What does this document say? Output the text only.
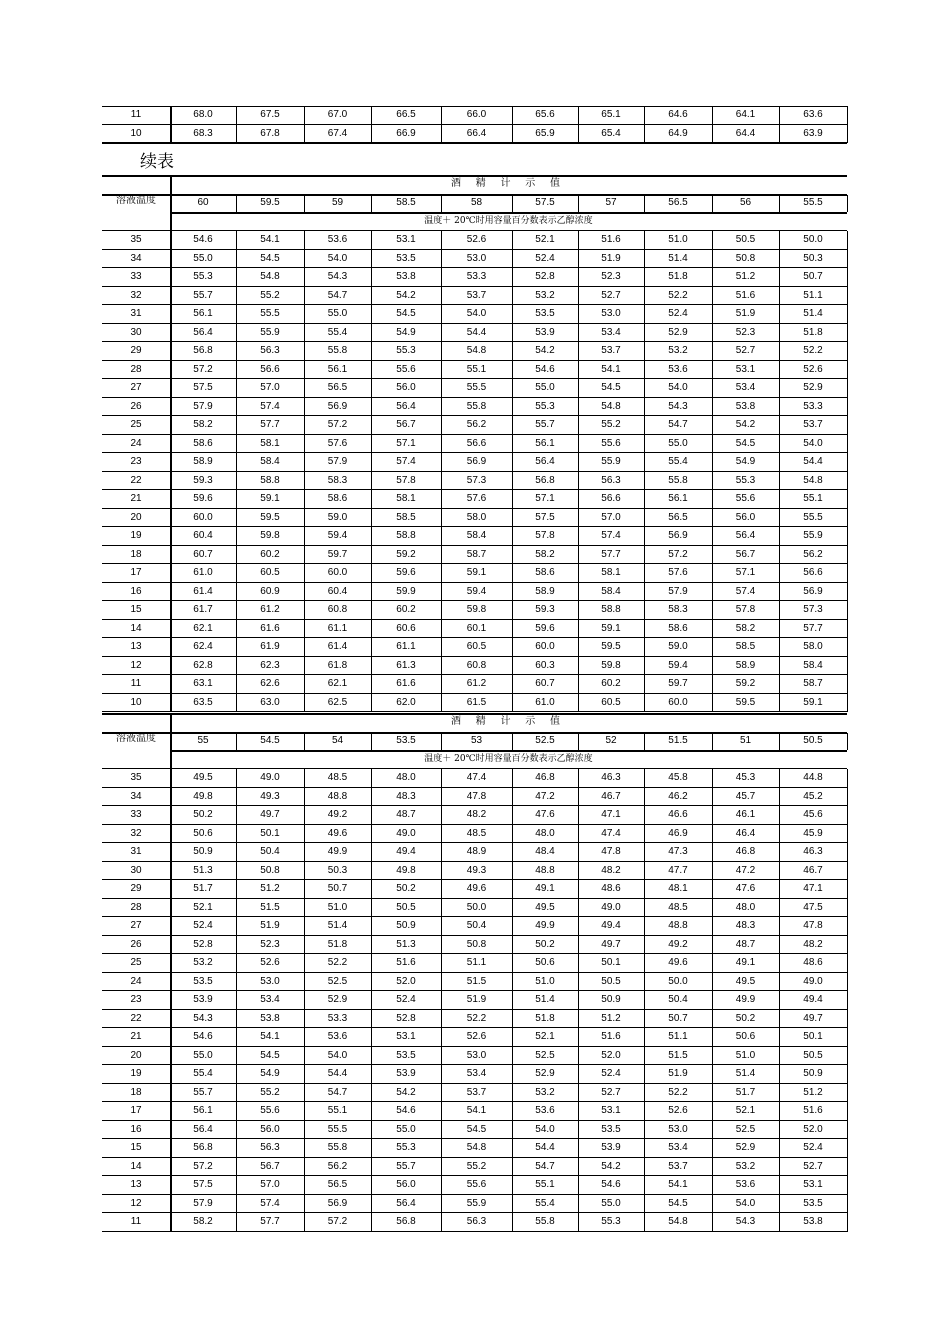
11	68.0	67.5	67.0	66.5	66.0	65.6	65.1	64.6	64.1	63.6
10	68.3	67.8	67.4	66.9	66.4	65.9	65.4	64.9	64.4	63.9
续表
酒 精 计 示 值
溶液温度	60	59.5	59	58.5	58	57.5	57	56.5	56	55.5
温度＋ 20℃时用容量百分数表示乙醇浓度
35	54.6	54.1	53.6	53.1	52.6	52.1	51.6	51.0	50.5	50.0
34	55.0	54.5	54.0	53.5	53.0	52.4	51.9	51.4	50.8	50.3
33	55.3	54.8	54.3	53.8	53.3	52.8	52.3	51.8	51.2	50.7
32	55.7	55.2	54.7	54.2	53.7	53.2	52.7	52.2	51.6	51.1
31	56.1	55.5	55.0	54.5	54.0	53.5	53.0	52.4	51.9	51.4
30	56.4	55.9	55.4	54.9	54.4	53.9	53.4	52.9	52.3	51.8
29	56.8	56.3	55.8	55.3	54.8	54.2	53.7	53.2	52.7	52.2
28	57.2	56.6	56.1	55.6	55.1	54.6	54.1	53.6	53.1	52.6
27	57.5	57.0	56.5	56.0	55.5	55.0	54.5	54.0	53.4	52.9
26	57.9	57.4	56.9	56.4	55.8	55.3	54.8	54.3	53.8	53.3
25	58.2	57.7	57.2	56.7	56.2	55.7	55.2	54.7	54.2	53.7
24	58.6	58.1	57.6	57.1	56.6	56.1	55.6	55.0	54.5	54.0
23	58.9	58.4	57.9	57.4	56.9	56.4	55.9	55.4	54.9	54.4
22	59.3	58.8	58.3	57.8	57.3	56.8	56.3	55.8	55.3	54.8
21	59.6	59.1	58.6	58.1	57.6	57.1	56.6	56.1	55.6	55.1
20	60.0	59.5	59.0	58.5	58.0	57.5	57.0	56.5	56.0	55.5
19	60.4	59.8	59.4	58.8	58.4	57.8	57.4	56.9	56.4	55.9
18	60.7	60.2	59.7	59.2	58.7	58.2	57.7	57.2	56.7	56.2
17	61.0	60.5	60.0	59.6	59.1	58.6	58.1	57.6	57.1	56.6
16	61.4	60.9	60.4	59.9	59.4	58.9	58.4	57.9	57.4	56.9
15	61.7	61.2	60.8	60.2	59.8	59.3	58.8	58.3	57.8	57.3
14	62.1	61.6	61.1	60.6	60.1	59.6	59.1	58.6	58.2	57.7
13	62.4	61.9	61.4	61.1	60.5	60.0	59.5	59.0	58.5	58.0
12	62.8	62.3	61.8	61.3	60.8	60.3	59.8	59.4	58.9	58.4
11	63.1	62.6	62.1	61.6	61.2	60.7	60.2	59.7	59.2	58.7
10	63.5	63.0	62.5	62.0	61.5	61.0	60.5	60.0	59.5	59.1
酒 精 计 示 值
溶液温度	55	54.5	54	53.5	53	52.5	52	51.5	51	50.5
温度＋ 20℃时用容量百分数表示乙醇浓度
35	49.5	49.0	48.5	48.0	47.4	46.8	46.3	45.8	45.3	44.8
34	49.8	49.3	48.8	48.3	47.8	47.2	46.7	46.2	45.7	45.2
33	50.2	49.7	49.2	48.7	48.2	47.6	47.1	46.6	46.1	45.6
32	50.6	50.1	49.6	49.0	48.5	48.0	47.4	46.9	46.4	45.9
31	50.9	50.4	49.9	49.4	48.9	48.4	47.8	47.3	46.8	46.3
30	51.3	50.8	50.3	49.8	49.3	48.8	48.2	47.7	47.2	46.7
29	51.7	51.2	50.7	50.2	49.6	49.1	48.6	48.1	47.6	47.1
28	52.1	51.5	51.0	50.5	50.0	49.5	49.0	48.5	48.0	47.5
27	52.4	51.9	51.4	50.9	50.4	49.9	49.4	48.8	48.3	47.8
26	52.8	52.3	51.8	51.3	50.8	50.2	49.7	49.2	48.7	48.2
25	53.2	52.6	52.2	51.6	51.1	50.6	50.1	49.6	49.1	48.6
24	53.5	53.0	52.5	52.0	51.5	51.0	50.5	50.0	49.5	49.0
23	53.9	53.4	52.9	52.4	51.9	51.4	50.9	50.4	49.9	49.4
22	54.3	53.8	53.3	52.8	52.2	51.8	51.2	50.7	50.2	49.7
21	54.6	54.1	53.6	53.1	52.6	52.1	51.6	51.1	50.6	50.1
20	55.0	54.5	54.0	53.5	53.0	52.5	52.0	51.5	51.0	50.5
19	55.4	54.9	54.4	53.9	53.4	52.9	52.4	51.9	51.4	50.9
18	55.7	55.2	54.7	54.2	53.7	53.2	52.7	52.2	51.7	51.2
17	56.1	55.6	55.1	54.6	54.1	53.6	53.1	52.6	52.1	51.6
16	56.4	56.0	55.5	55.0	54.5	54.0	53.5	53.0	52.5	52.0
15	56.8	56.3	55.8	55.3	54.8	54.4	53.9	53.4	52.9	52.4
14	57.2	56.7	56.2	55.7	55.2	54.7	54.2	53.7	53.2	52.7
13	57.5	57.0	56.5	56.0	55.6	55.1	54.6	54.1	53.6	53.1
12	57.9	57.4	56.9	56.4	55.9	55.4	55.0	54.5	54.0	53.5
11	58.2	57.7	57.2	56.8	56.3	55.8	55.3	54.8	54.3	53.8
